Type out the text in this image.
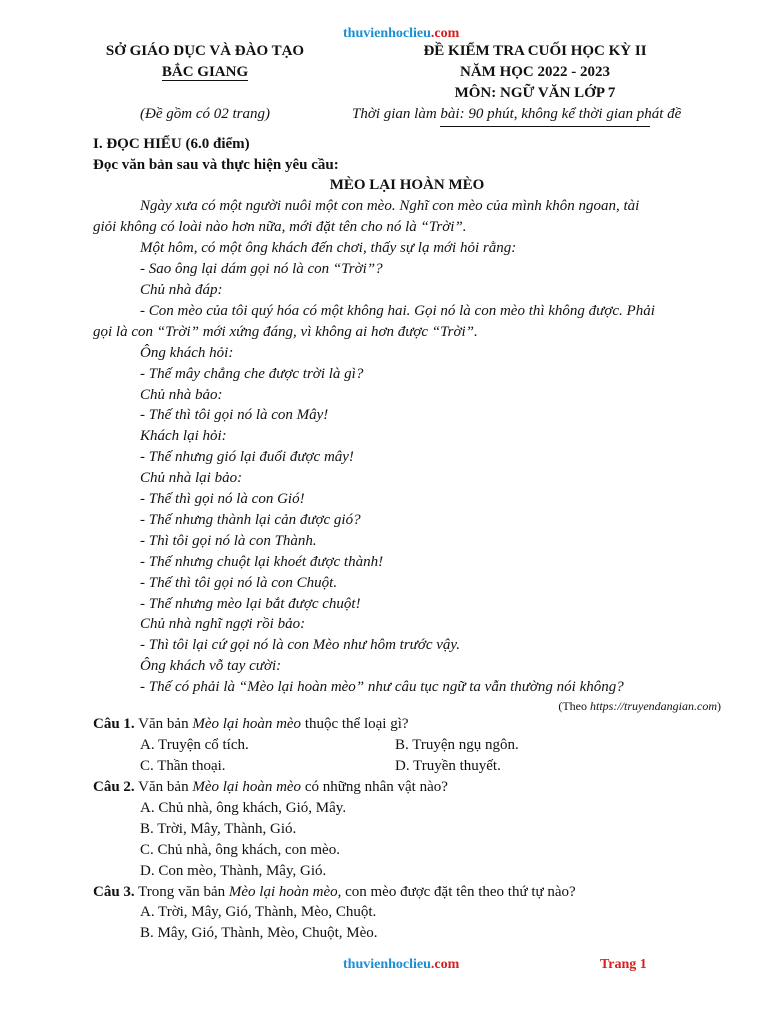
thuvienhoclieu.com
SỞ GIÁO DỤC VÀ ĐÀO TẠO
BẮC GIANG
(Đề gồm có 02 trang)
ĐỀ KIỂM TRA CUỐI HỌC KỲ II
NĂM HỌC 2022 - 2023
MÔN: NGỮ VĂN LỚP 7
Thời gian làm bài: 90 phút, không kể thời gian phát đề
I. ĐỌC HIỂU (6.0 điểm)
Đọc văn bản sau và thực hiện yêu cầu:
MÈO LẠI HOÀN MÈO
Ngày xưa có một người nuôi một con mèo. Nghĩ con mèo của mình khôn ngoan, tài
giỏi không có loài nào hơn nữa, mới đặt tên cho nó là “Trời”.
Một hôm, có một ông khách đến chơi, thấy sự lạ mới hỏi rằng:
- Sao ông lại dám gọi nó là con “Trời”?
Chủ nhà đáp:
- Con mèo của tôi quý hóa có một không hai. Gọi nó là con mèo thì không được. Phải
gọi là con “Trời” mới xứng đáng, vì không ai hơn được “Trời”.
Ông khách hỏi:
- Thế mây chẳng che được trời là gì?
Chủ nhà bảo:
- Thế thì tôi gọi nó là con Mây!
Khách lại hỏi:
- Thế nhưng gió lại đuổi được mây!
Chủ nhà lại bảo:
- Thế thì gọi nó là con Gió!
- Thế nhưng thành lại cản được gió?
- Thì tôi gọi nó là con Thành.
- Thế nhưng chuột lại khoét được thành!
- Thế thì tôi gọi nó là con Chuột.
- Thế nhưng mèo lại bắt được chuột!
Chủ nhà nghĩ ngợi rồi bảo:
- Thì tôi lại cứ gọi nó là con Mèo như hôm trước vậy.
Ông khách vỗ tay cười:
- Thế có phải là “Mèo lại hoàn mèo” như câu tục ngữ ta vẫn thường nói không?
(Theo https://truyendangian.com)
Câu 1. Văn bản Mèo lại hoàn mèo thuộc thể loại gì?
A. Truyện cổ tích.	B. Truyện ngụ ngôn.
C. Thần thoại.	D. Truyền thuyết.
Câu 2. Văn bản Mèo lại hoàn mèo có những nhân vật nào?
A. Chủ nhà, ông khách, Gió, Mây.
B. Trời, Mây, Thành, Gió.
C. Chủ nhà, ông khách, con mèo.
D. Con mèo, Thành, Mây, Gió.
Câu 3. Trong văn bản Mèo lại hoàn mèo, con mèo được đặt tên theo thứ tự nào?
A. Trời, Mây, Gió, Thành, Mèo, Chuột.
B. Mây, Gió, Thành, Mèo, Chuột, Mèo.
thuvienhoclieu.com	Trang 1
